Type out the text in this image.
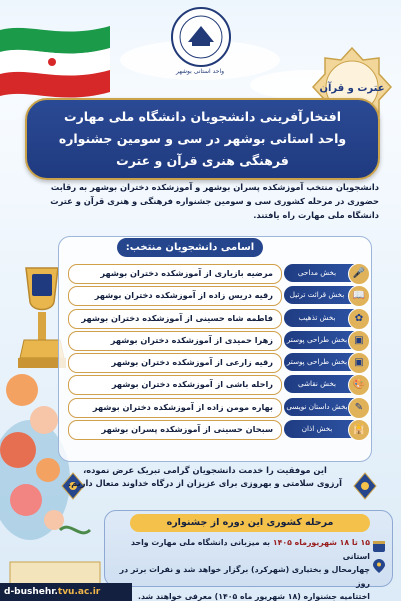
واحد استانی بوشهر
عترت و قرآن
افتخارآفرینی دانشجویان دانشگاه ملی مهارت
واحد استانی بوشهر در سی و سومین جشنواره
فرهنگی هنری قرآن و عترت
دانشجویان منتخب آموزشکده پسران بوشهر و آموزشکده دختران بوشهر به رقابت حضوری در مرحله کشوری سی و سومین جشنواره فرهنگی و هنری قرآن و عترت دانشگاه ملی مهارت راه یافتند.
اسامی دانشجویان منتخب:
مرضیه بازیاری از آموزشکده دختران بوشهر	بخش مداحی	🎤
رقیه دریس زاده از آموزشکده دختران بوشهر	بخش قرائت ترتیل 📖
فاطمه شاه حسینی از آموزشکده دختران بوشهر	بخش تذهیب	✿
زهرا حمیدی از آموزشکده دختران بوشهر	بخش طراحی پوستر ▣
رقیه زارعی از آموزشکده دختران بوشهر	بخش طراحی پوستر ▣
راحله باشی از آموزشکده دختران بوشهر	بخش نقاشی	🎨
بهاره مومن زاده از آموزشکده دختران بوشهر	بخش داستان نویسی ✎
سبحان حسینی از آموزشکده پسران بوشهر	بخش اذان	🕌
این موفقیت را خدمت دانشجویان گرامی تبریک عرض نموده،
آرزوی سلامتی و بهروزی برای عزیزان از درگاه خداوند متعال داریم.
مرحله کشوری این دوره از جشنواره
۱۵ تا ۱۸ شهریورماه ۱۴۰۵ به میزبانی دانشگاه ملی مهارت واحد استانی
چهارمحال و بختیاری (شهرکرد) برگزار خواهد شد و نفرات برتر در روز
اختتامیه جشنواره (۱۸ شهریور ماه ۱۴۰۵) معرفی خواهند شد.
d-bushehr.tvu.ac.ir
